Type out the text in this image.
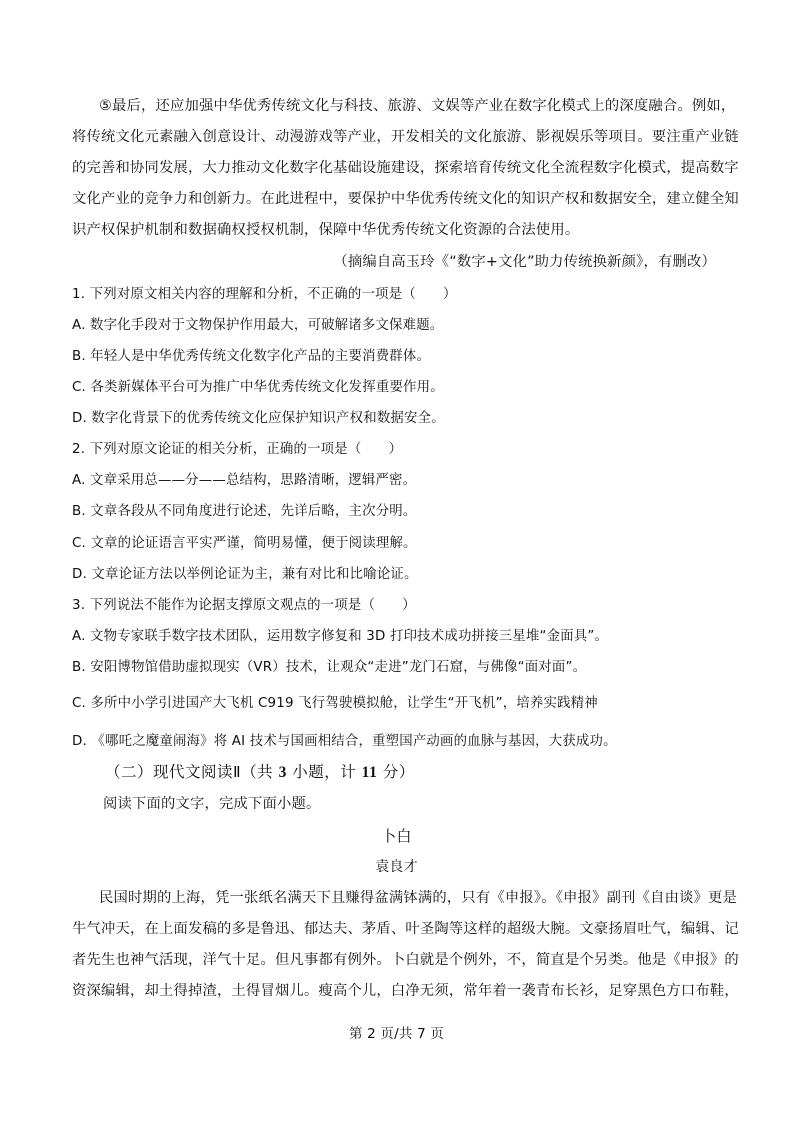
⑤最后，还应加强中华优秀传统文化与科技、旅游、文娱等产业在数字化模式上的深度融合。例如，
将传统文化元素融入创意设计、动漫游戏等产业，开发相关的文化旅游、影视娱乐等项目。要注重产业链
的完善和协同发展，大力推动文化数字化基础设施建设，探索培育传统文化全流程数字化模式，提高数字
文化产业的竞争力和创新力。在此进程中，要保护中华优秀传统文化的知识产权和数据安全，建立健全知
识产权保护机制和数据确权授权机制，保障中华优秀传统文化资源的合法使用。
（摘编自高玉玲《“数字+文化”助力传统换新颜》，有删改）
1. 下列对原文相关内容的理解和分析，不正确的一项是（　　）
A. 数字化手段对于文物保护作用最大，可破解诸多文保难题。
B. 年轻人是中华优秀传统文化数字化产品的主要消费群体。
C. 各类新媒体平台可为推广中华优秀传统文化发挥重要作用。
D. 数字化背景下的优秀传统文化应保护知识产权和数据安全。
2. 下列对原文论证的相关分析，正确的一项是（　　）
A. 文章采用总——分——总结构，思路清晰，逻辑严密。
B. 文章各段从不同角度进行论述，先详后略，主次分明。
C. 文章的论证语言平实严谨，简明易懂，便于阅读理解。
D. 文章论证方法以举例论证为主，兼有对比和比喻论证。
3. 下列说法不能作为论据支撑原文观点的一项是（　　）
A. 文物专家联手数字技术团队，运用数字修复和 3D 打印技术成功拼接三星堆“金面具”。
B. 安阳博物馆借助虚拟现实（VR）技术，让观众“走进”龙门石窟，与佛像“面对面”。
C. 多所中小学引进国产大飞机 C919 飞行驾驶模拟舱，让学生“开飞机”，培养实践精神
D. 《哪吒之魔童闹海》将 AI 技术与国画相结合，重塑国产动画的血脉与基因，大获成功。
（二）现代文阅读Ⅱ（共 3 小题，计 11 分）
阅读下面的文字，完成下面小题。
卜白
袁良才
民国时期的上海，凭一张纸名满天下且赚得盆满钵满的，只有《申报》。《申报》副刊《自由谈》更是
牛气冲天，在上面发稿的多是鲁迅、郁达夫、茅盾、叶圣陶等这样的超级大腕。文豪扬眉吐气，编辑、记
者先生也神气活现，洋气十足。但凡事都有例外。卜白就是个例外，不，简直是个另类。他是《申报》的
资深编辑，却土得掉渣，土得冒烟儿。瘦高个儿，白净无须，常年着一袭青布长衫，足穿黑色方口布鞋，
第 2 页/共 7 页
